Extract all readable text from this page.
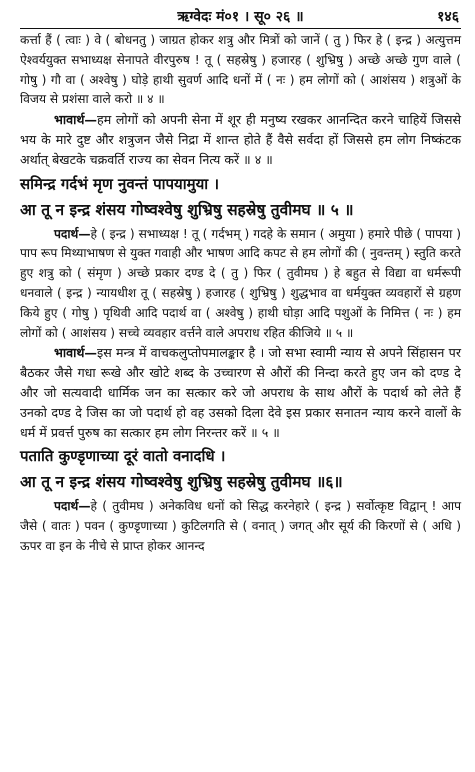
ऋग्वेदः मं०१ । सू० २६ ॥	१४६

कर्त्ता हैं ( त्वाः ) वे ( बोधनतु ) जाग्रत होकर शत्रु और मित्रों को जानें ( तु ) फिर हे ( इन्द्र ) अत्युत्तम ऐश्वर्ययुक्त सभाध्यक्ष सेनापते वीरपुरुष ! तू ( सहस्रेषु ) हजारह ( शुभ्रिषु ) अच्छे अच्छे गुण वाले ( गोषु ) गौ वा ( अश्वेषु ) घोड़े हाथी सुवर्ण आदि धनों में ( नः ) हम लोगों को ( आशंसय ) शत्रुओं के विजय से प्रशंसा वाले करो ॥ ४ ॥

भावार्थ—हम लोगों को अपनी सेना में शूर ही मनुष्य रखकर आनन्दित करने चाहियें जिससे भय के मारे दुष्ट और शत्रुजन जैसे निद्रा में शान्त होते हैं वैसे सर्वदा हों जिससे हम लोग निष्कंटक अर्थात् बेखटके चक्रवर्ति राज्य का सेवन नित्य करें ॥ ४ ॥

समिन्द्र गर्दभं मृण नुवन्तं पापयामुया ।

आ तू न इन्द्र शंसय गोष्वश्वेषु शुभ्रिषु सहस्रेषु तुवीमघ ॥ ५ ॥

पदार्थ—हे ( इन्द्र ) सभाध्यक्ष ! तू ( गर्दभम् ) गदहे के समान ( अमुया ) हमारे पीछे ( पापया ) पाप रूप मिथ्याभाषण से युक्त गवाही और भाषण आदि कपट से हम लोगों की ( नुवन्तम् ) स्तुति करते हुए शत्रु को ( संमृण ) अच्छे प्रकार दण्ड दे ( तु ) फिर ( तुवीमघ ) हे बहुत से विद्या वा धर्मरूपी धनवाले ( इन्द्र ) न्यायधीश तू ( सहस्रेषु ) हजारह ( शुभ्रिषु ) शुद्धभाव वा धर्मयुक्त व्यवहारों से ग्रहण किये हुए ( गोषु ) पृथिवी आदि पदार्थ वा ( अश्वेषु ) हाथी घोड़ा आदि पशुओं के निमित्त ( नः ) हम लोगों को ( आशंसय ) सच्चे व्यवहार वर्त्तने वाले अपराध रहित कीजिये ॥ ५ ॥

भावार्थ—इस मन्त्र में वाचकलुप्तोपमालङ्कार है । जो सभा स्वामी न्याय से अपने सिंहासन पर बैठकर जैसे गधा रूखे और खोटे शब्द के उच्चारण से औरों की निन्दा करते हुए जन को दण्ड दे और जो सत्यवादी धार्मिक जन का सत्कार करे जो अपराध के साथ औरों के पदार्थ को लेते हैं उनको दण्ड दे जिस का जो पदार्थ हो वह उसको दिला देवे इस प्रकार सनातन न्याय करने वालों के धर्म में प्रवर्त्त पुरुष का सत्कार हम लोग निरन्तर करें ॥ ५ ॥

पताति कुण्डृणाच्या दूरं वातो वनादधि ।

आ तू न इन्द्र शंसय गोष्वश्वेषु शुभ्रिषु सहस्रेषु तुवीमघ ॥६॥

पदार्थ—हे ( तुवीमघ ) अनेकविध धनों को सिद्ध करनेहारे ( इन्द्र ) सर्वोत्कृष्ट विद्वान् ! आप जैसे ( वातः ) पवन ( कुण्डृणाच्या ) कुटिलगति से ( वनात् ) जगत् और सूर्य की किरणों से ( अधि ) ऊपर वा इन के नीचे से प्राप्त होकर आनन्द
